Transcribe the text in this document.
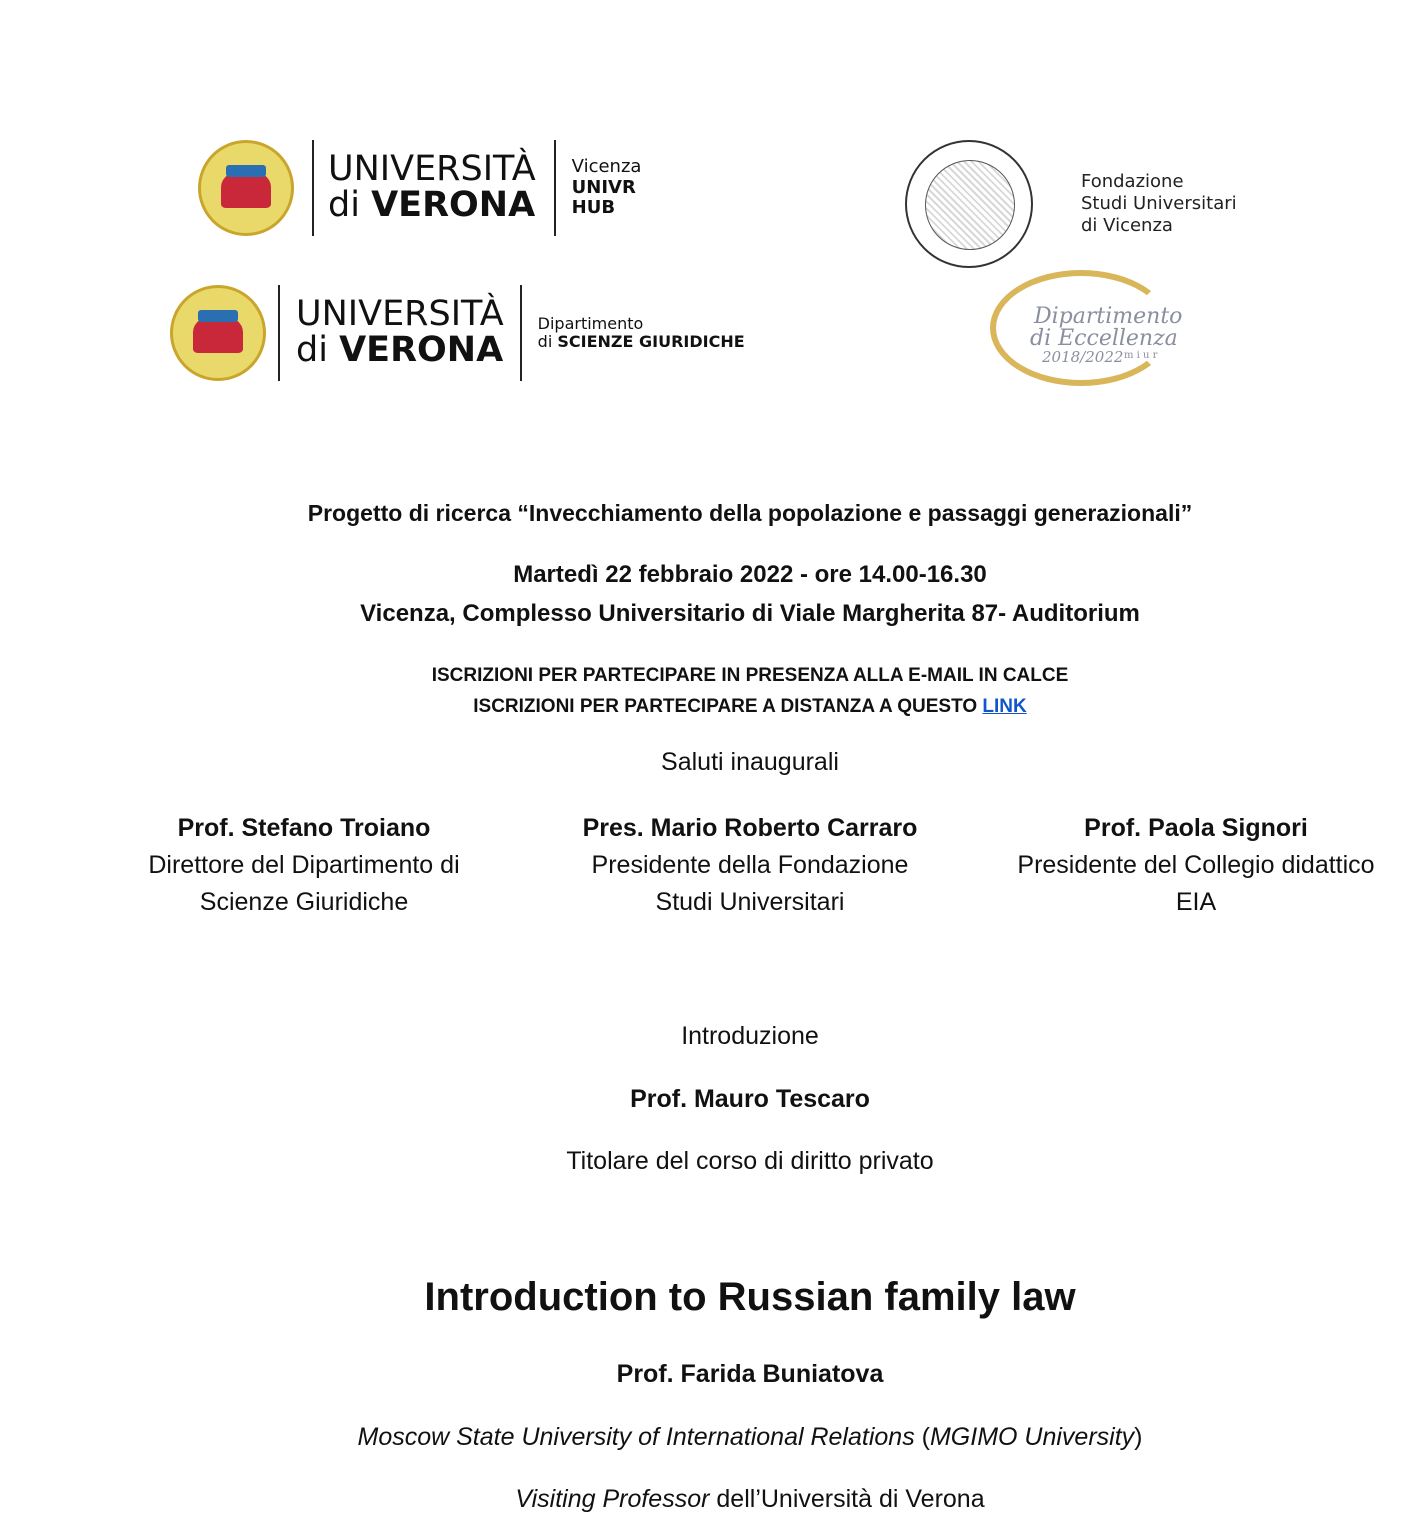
UNIVERSITÀ
di VERONA
Vicenza
UNIVR
HUB
UNIVERSITÀ
di VERONA
Dipartimento
di SCIENZE GIURIDICHE
Fondazione
Studi Universitari
di Vicenza
Dipartimento
di Eccellenza
2018/2022 m i u r
Progetto di ricerca “Invecchiamento della popolazione e passaggi generazionali”
Martedì 22 febbraio 2022 - ore 14.00-16.30
Vicenza, Complesso Universitario di Viale Margherita 87- Auditorium
ISCRIZIONI PER PARTECIPARE IN PRESENZA ALLA E-MAIL IN CALCE
ISCRIZIONI PER PARTECIPARE A DISTANZA A QUESTO LINK
Saluti inaugurali
Prof. Stefano Troiano
Direttore del Dipartimento di
Scienze Giuridiche
Pres. Mario Roberto Carraro
Presidente della Fondazione
Studi Universitari
Prof. Paola Signori
Presidente del Collegio didattico
EIA
Introduzione
Prof. Mauro Tescaro
Titolare del corso di diritto privato
Introduction to Russian family law
Prof. Farida Buniatova
Moscow State University of International Relations (MGIMO University)
Visiting Professor dell’Università di Verona
